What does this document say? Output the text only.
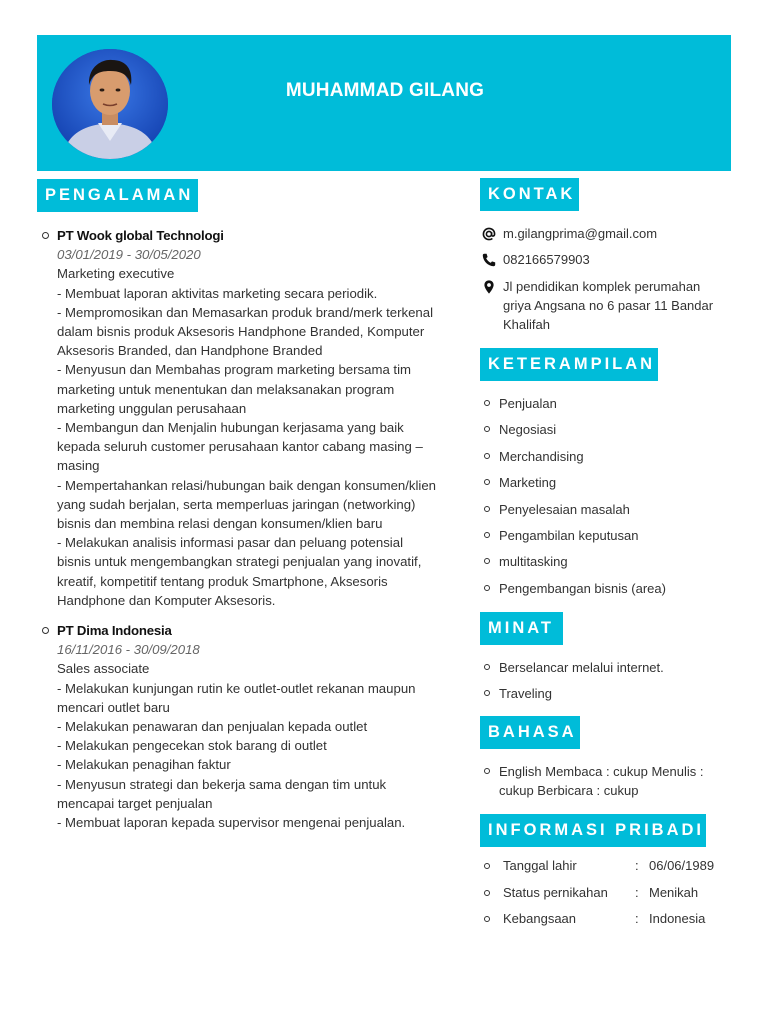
MUHAMMAD GILANG
PENGALAMAN
PT Wook global Technologi
03/01/2019 - 30/05/2020
Marketing executive
- Membuat laporan aktivitas marketing secara periodik.
- Mempromosikan dan Memasarkan produk brand/merk terkenal
dalam bisnis produk Aksesoris Handphone Branded, Komputer
Aksesoris Branded, dan Handphone Branded
- Menyusun dan Membahas program marketing bersama tim
marketing untuk menentukan dan melaksanakan program
marketing unggulan perusahaan
- Membangun dan Menjalin hubungan kerjasama yang baik
kepada seluruh customer perusahaan kantor cabang masing –
masing
- Mempertahankan relasi/hubungan baik dengan konsumen/klien
yang sudah berjalan, serta memperluas jaringan (networking)
bisnis dan membina relasi dengan konsumen/klien baru
- Melakukan analisis informasi pasar dan peluang potensial
bisnis untuk mengembangkan strategi penjualan yang inovatif,
kreatif, kompetitif tentang produk Smartphone, Aksesoris
Handphone dan Komputer Aksesoris.
PT Dima Indonesia
16/11/2016 - 30/09/2018
Sales associate
- Melakukan kunjungan rutin ke outlet-outlet rekanan maupun
mencari outlet baru
- Melakukan penawaran dan penjualan kepada outlet
- Melakukan pengecekan stok barang di outlet
- Melakukan penagihan faktur
- Menyusun strategi dan bekerja sama dengan tim untuk
mencapai target penjualan
- Membuat laporan kepada supervisor mengenai penjualan.
KONTAK
m.gilangprima@gmail.com
082166579903
Jl pendidikan komplek perumahan
griya Angsana no 6 pasar 11 Bandar
Khalifah
KETERAMPILAN
Penjualan
Negosiasi
Merchandising
Marketing
Penyelesaian masalah
Pengambilan keputusan
multitasking
Pengembangan bisnis (area)
MINAT
Berselancar melalui internet.
Traveling
BAHASA
English Membaca : cukup Menulis :
cukup Berbicara : cukup
INFORMASI PRIBADI
Tanggal lahir	: 06/06/1989
Status pernikahan : Menikah
Kebangsaan	: Indonesia
